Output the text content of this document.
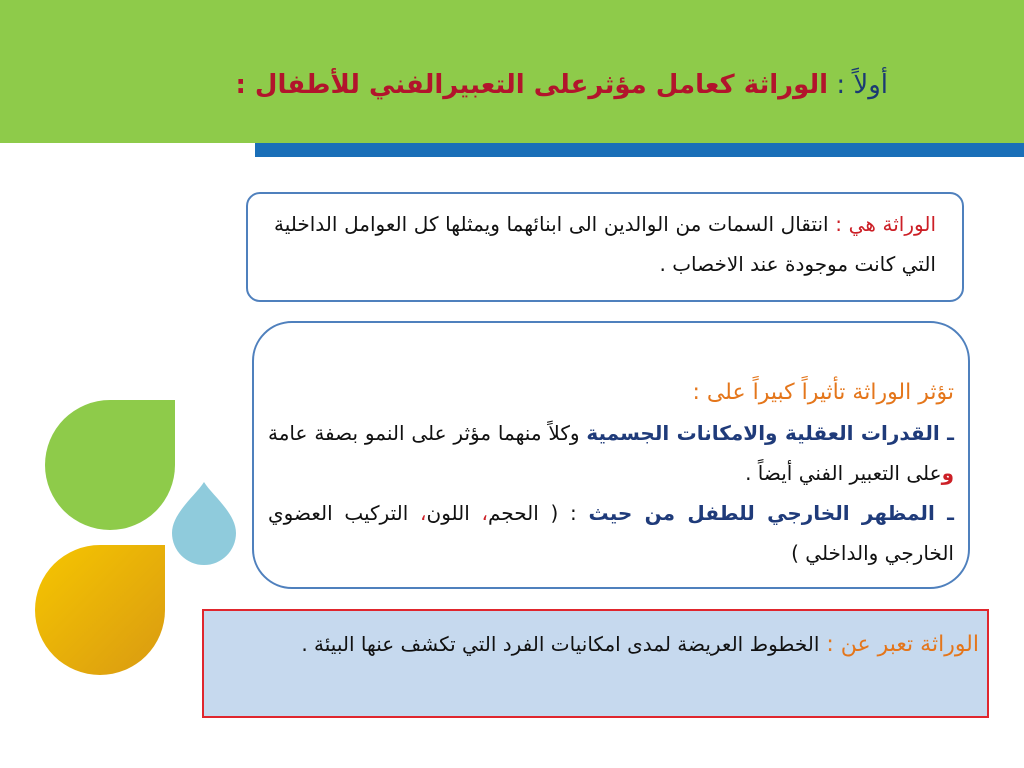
أولاً : الوراثة كعامل مؤثرعلى التعبيرالفني للأطفال :
الوراثة هي : انتقال السمات من الوالدين الى ابنائهما ويمثلها كل العوامل الداخلية التي كانت موجودة عند الاخصاب .
تؤثر الوراثة تأثيراً كبيراً على :
ـ القدرات العقلية والامكانات الجسمية وكلاً منهما مؤثر على النمو بصفة عامة وعلى التعبير الفني أيضاً .
ـ المظهر الخارجي للطفل من حيث : ( الحجم، اللون، التركيب العضوي الخارجي والداخلي )
الوراثة تعبر عن : الخطوط العريضة لمدى امكانيات الفرد التي تكشف عنها البيئة .
